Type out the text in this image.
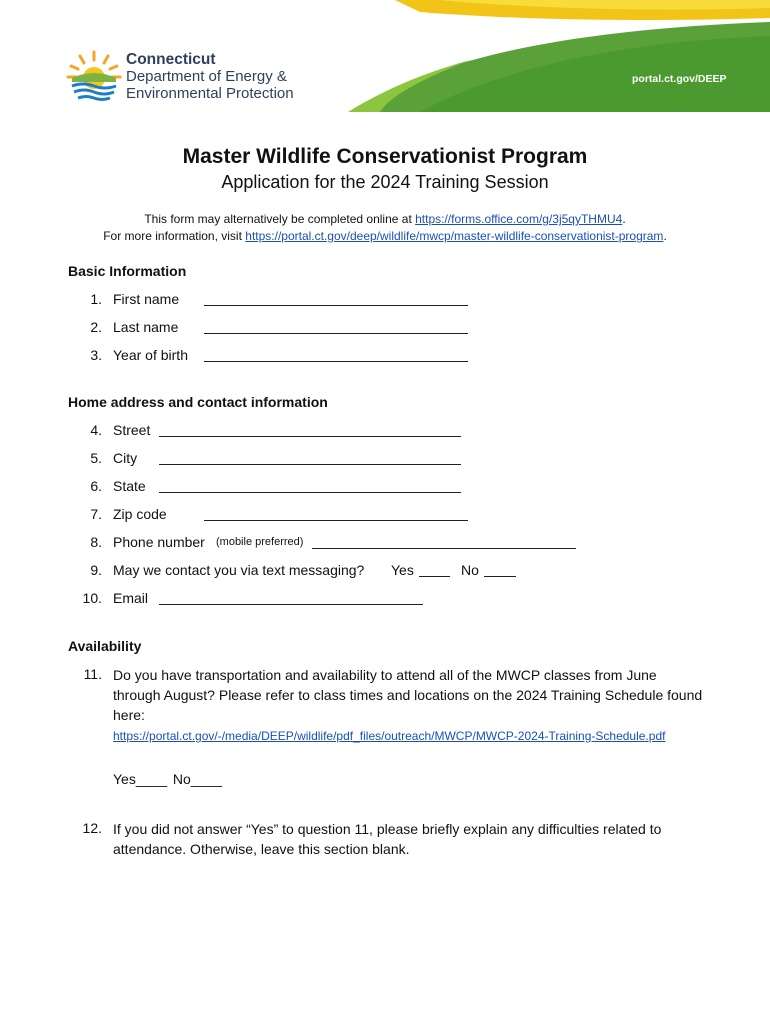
portal.ct.gov/DEEP
Connecticut
Department of Energy &
Environmental Protection
Master Wildlife Conservationist Program
Application for the 2024 Training Session
This form may alternatively be completed online at https://forms.office.com/g/3j5qyTHMU4.
For more information, visit https://portal.ct.gov/deep/wildlife/mwcp/master-wildlife-conservationist-program.
Basic Information
1. First name
2. Last name
3. Year of birth
Home address and contact information
4. Street
5. City
6. State
7. Zip code
8. Phone number (mobile preferred)
9. May we contact you via text messaging? Yes	No
10. Email
Availability
11. Do you have transportation and availability to attend all of the MWCP classes from June through August? Please refer to class times and locations on the 2024 Training Schedule found here:
https://portal.ct.gov/-/media/DEEP/wildlife/pdf_files/outreach/MWCP/MWCP-2024-Training-Schedule.pdf
Yes____ No____
12. If you did not answer “Yes” to question 11, please briefly explain any difficulties related to attendance. Otherwise, leave this section blank.
